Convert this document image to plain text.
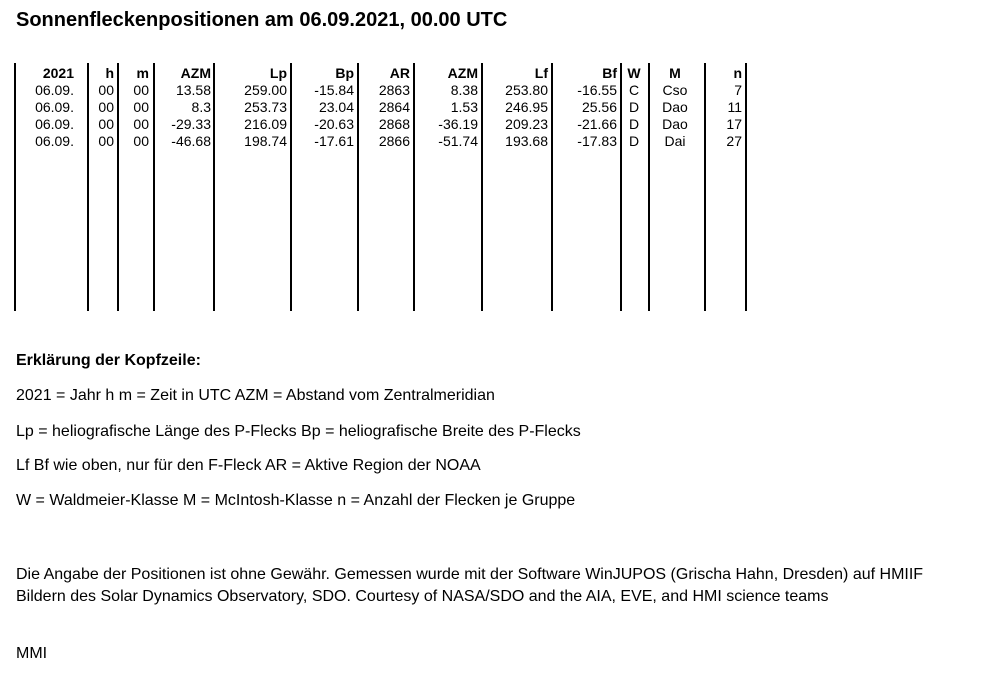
Sonnenfleckenpositionen am 06.09.2021, 00.00 UTC
2021	h	m	AZM	Lp	Bp	AR	AZM	Lf	Bf W	M	n
06.09.	00	00	13.58	259.00	-15.84	2863	8.38	253.80	-16.55 C	Cso	7
06.09.	00	00	8.3	253.73	23.04	2864	1.53	246.95	25.56 D	Dao	11
06.09.	00	00	-29.33	216.09	-20.63	2868	-36.19	209.23	-21.66 D	Dao	17
06.09.	00	00	-46.68	198.74	-17.61	2866	-51.74	193.68	-17.83 D	Dai	27
Erklärung der Kopfzeile:
2021 = Jahr h m = Zeit in UTC AZM = Abstand vom Zentralmeridian
Lp = heliografische Länge des P-Flecks Bp = heliografische Breite des P-Flecks
Lf Bf wie oben, nur für den F-Fleck AR = Aktive Region der NOAA
W = Waldmeier-Klasse M = McIntosh-Klasse n = Anzahl der Flecken je Gruppe
Die Angabe der Positionen ist ohne Gewähr. Gemessen wurde mit der Software WinJUPOS (Grischa Hahn, Dresden) auf HMIIF Bildern des Solar Dynamics Observatory, SDO. Courtesy of NASA/SDO and the AIA, EVE, and HMI science teams
MMI
